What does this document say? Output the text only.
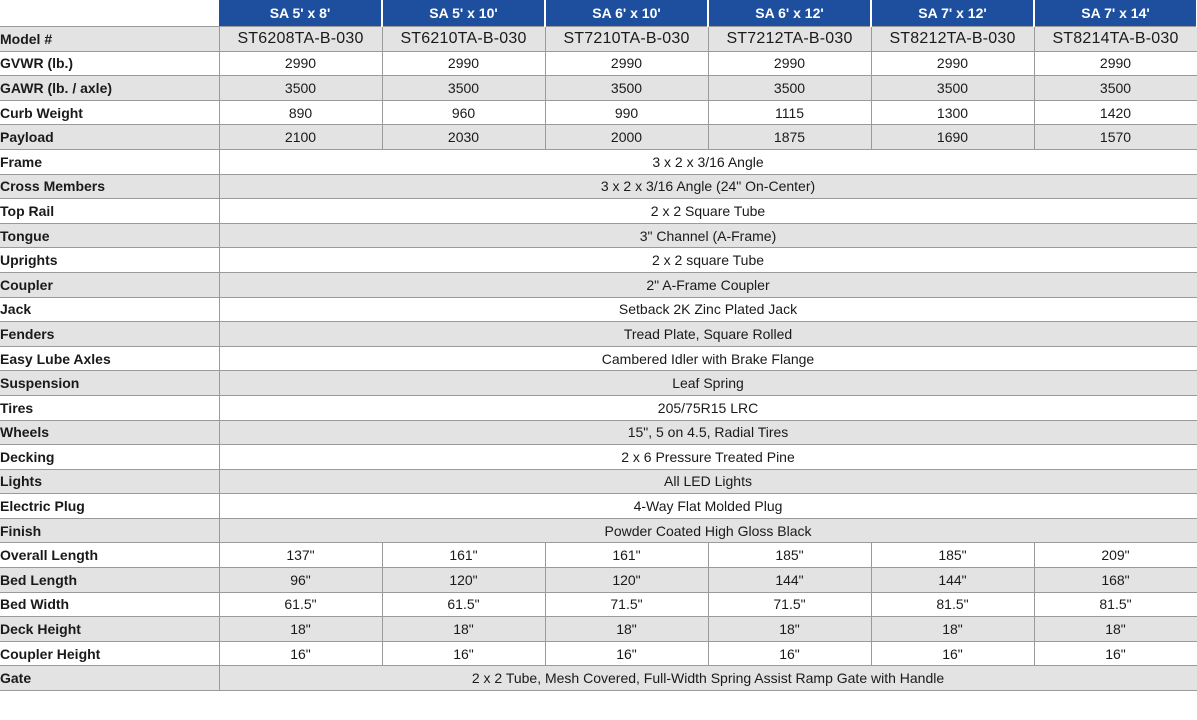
	SA 5' x 8'	SA 5' x 10'	SA 6' x 10'	SA 6' x 12'	SA 7' x 12'	SA 7' x 14'
Model #	ST6208TA-B-030	ST6210TA-B-030	ST7210TA-B-030	ST7212TA-B-030	ST8212TA-B-030	ST8214TA-B-030
GVWR (lb.)	2990	2990	2990	2990	2990	2990
GAWR (lb. / axle)	3500	3500	3500	3500	3500	3500
Curb Weight	890	960	990	1115	1300	1420
Payload	2100	2030	2000	1875	1690	1570
Frame	3 x 2 x 3/16 Angle					
Cross Members	3 x 2 x 3/16 Angle (24" On-Center)					
Top Rail	2 x 2 Square Tube					
Tongue	3" Channel (A-Frame)					
Uprights	2 x 2 square Tube					
Coupler	2" A-Frame Coupler					
Jack	Setback 2K Zinc Plated Jack					
Fenders	Tread Plate, Square Rolled					
Easy Lube Axles	Cambered Idler with Brake Flange					
Suspension	Leaf Spring					
Tires	205/75R15 LRC					
Wheels	15", 5 on 4.5, Radial Tires					
Decking	2 x 6 Pressure Treated Pine					
Lights	All LED Lights					
Electric Plug	4-Way Flat Molded Plug					
Finish	Powder Coated High Gloss Black					
Overall Length	137"	161"	161"	185"	185"	209"
Bed Length	96"	120"	120"	144"	144"	168"
Bed Width	61.5"	61.5"	71.5"	71.5"	81.5"	81.5"
Deck Height	18"	18"	18"	18"	18"	18"
Coupler Height	16"	16"	16"	16"	16"	16"
Gate	2 x 2 Tube, Mesh Covered, Full-Width Spring Assist Ramp Gate with Handle					
